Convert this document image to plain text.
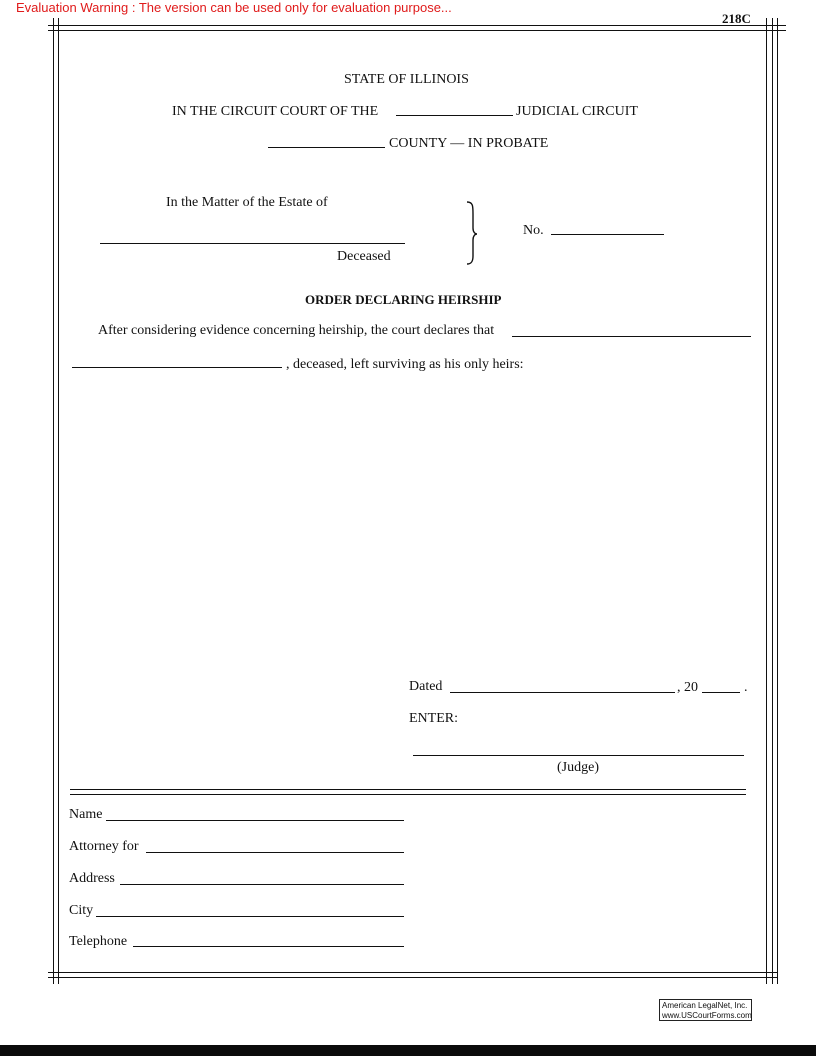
Evaluation Warning : The version can be used only for evaluation purpose...
218C
STATE OF ILLINOIS
IN THE CIRCUIT COURT OF THE	JUDICIAL CIRCUIT
COUNTY — IN PROBATE
In the Matter of the Estate of
Deceased
No.
ORDER DECLARING HEIRSHIP
After considering evidence concerning heirship, the court declares that
, deceased, left surviving as his only heirs:
Dated	, 20	.
ENTER:
(Judge)
Name
Attorney for
Address
City
Telephone
American LegalNet, Inc.
www.USCourtForms.com
